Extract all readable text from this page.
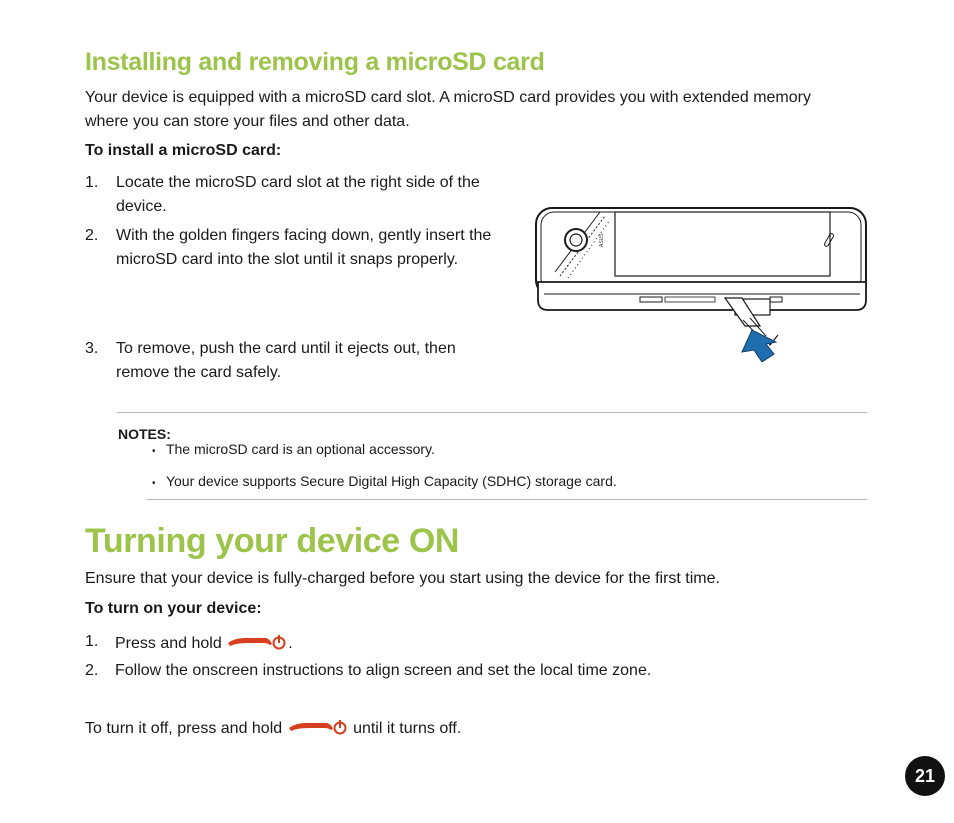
Installing and removing a microSD card
Your device is equipped with a microSD card slot. A microSD card provides you with extended memory
where you can store your files and other data.
To install a microSD card:
1. Locate the microSD card slot at the right side of the
device.
2. With the golden fingers facing down, gently insert the
microSD card into the slot until it snaps properly.
3. To remove, push the card until it ejects out, then
remove the card safely.
ASUS
NOTES:
• The microSD card is an optional accessory.
• Your device supports Secure Digital High Capacity (SDHC) storage card.
Turning your device ON
Ensure that your device is fully-charged before you start using the device for the first time.
To turn on your device:
1. Press and hold	.
2. Follow the onscreen instructions to align screen and set the local time zone.
To turn it off, press and hold	until it turns off.
21
